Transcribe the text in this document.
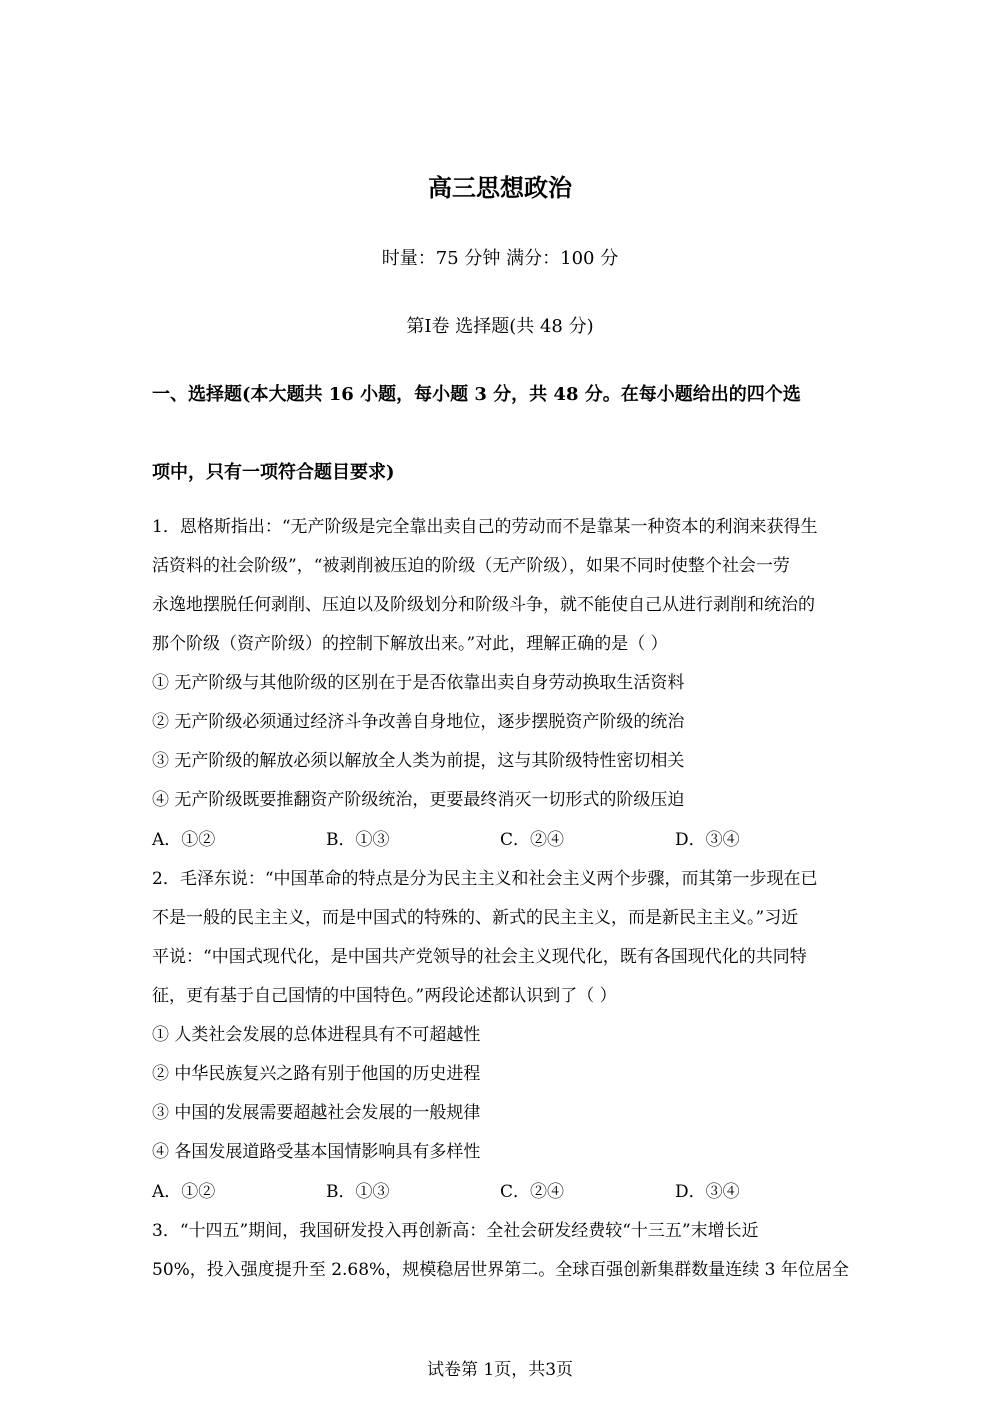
高三思想政治
时量：75 分钟 满分：100 分
第Ⅰ卷 选择题(共 48 分)
一、选择题(本大题共 16 小题，每小题 3 分，共 48 分。在每小题给出的四个选
项中，只有一项符合题目要求)
1．恩格斯指出：“无产阶级是完全靠出卖自己的劳动而不是靠某一种资本的利润来获得生
活资料的社会阶级”，“被剥削被压迫的阶级（无产阶级），如果不同时使整个社会一劳
永逸地摆脱任何剥削、压迫以及阶级划分和阶级斗争，就不能使自己从进行剥削和统治的
那个阶级（资产阶级）的控制下解放出来。”对此，理解正确的是（ ）
① 无产阶级与其他阶级的区别在于是否依靠出卖自身劳动换取生活资料
② 无产阶级必须通过经济斗争改善自身地位，逐步摆脱资产阶级的统治
③ 无产阶级的解放必须以解放全人类为前提，这与其阶级特性密切相关
④ 无产阶级既要推翻资产阶级统治，更要最终消灭一切形式的阶级压迫
A．①②	B．①③	C．②④	D．③④
2．毛泽东说：“中国革命的特点是分为民主主义和社会主义两个步骤，而其第一步现在已
不是一般的民主主义，而是中国式的特殊的、新式的民主主义，而是新民主主义。”习近
平说：“中国式现代化，是中国共产党领导的社会主义现代化，既有各国现代化的共同特
征，更有基于自己国情的中国特色。”两段论述都认识到了（ ）
① 人类社会发展的总体进程具有不可超越性
② 中华民族复兴之路有别于他国的历史进程
③ 中国的发展需要超越社会发展的一般规律
④ 各国发展道路受基本国情影响具有多样性
A．①②	B．①③	C．②④	D．③④
3．“十四五”期间，我国研发投入再创新高：全社会研发经费较“十三五”末增长近
50%，投入强度提升至 2.68%，规模稳居世界第二。全球百强创新集群数量连续 3 年位居全
试卷第 1页，共3页
